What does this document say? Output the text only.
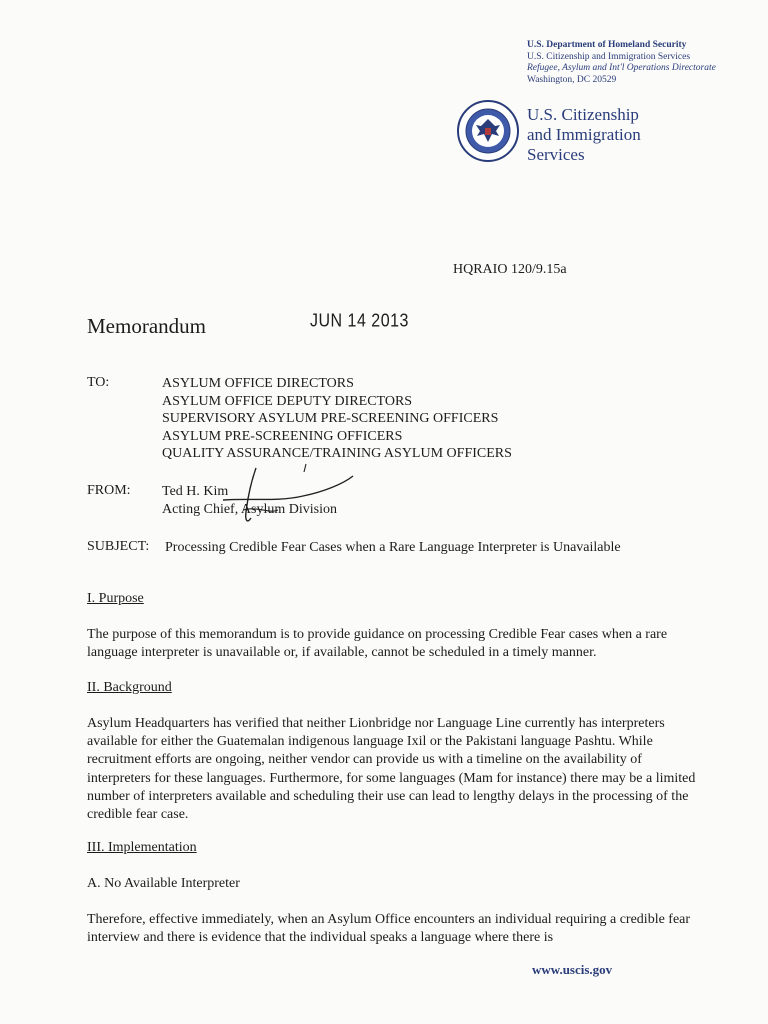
U.S. Department of Homeland Security
U.S. Citizenship and Immigration Services
Refugee, Asylum and Int'l Operations Directorate
Washington, DC 20529
U.S. Citizenship
and Immigration
Services
HQRAIO 120/9.15a
Memorandum	JUN 14 2013
TO:	ASYLUM OFFICE DIRECTORS
ASYLUM OFFICE DEPUTY DIRECTORS
SUPERVISORY ASYLUM PRE-SCREENING OFFICERS
ASYLUM PRE-SCREENING OFFICERS
QUALITY ASSURANCE/TRAINING ASYLUM OFFICERS
FROM: Ted H. Kim
Acting Chief, Asylum Division
SUBJECT: Processing Credible Fear Cases when a Rare Language Interpreter is Unavailable
I. Purpose
The purpose of this memorandum is to provide guidance on processing Credible Fear cases when a rare language interpreter is unavailable or, if available, cannot be scheduled in a timely manner.
II. Background
Asylum Headquarters has verified that neither Lionbridge nor Language Line currently has interpreters available for either the Guatemalan indigenous language Ixil or the Pakistani language Pashtu. While recruitment efforts are ongoing, neither vendor can provide us with a timeline on the availability of interpreters for these languages. Furthermore, for some languages (Mam for instance) there may be a limited number of interpreters available and scheduling their use can lead to lengthy delays in the processing of the credible fear case.
III. Implementation
A. No Available Interpreter
Therefore, effective immediately, when an Asylum Office encounters an individual requiring a credible fear interview and there is evidence that the individual speaks a language where there is
www.uscis.gov
